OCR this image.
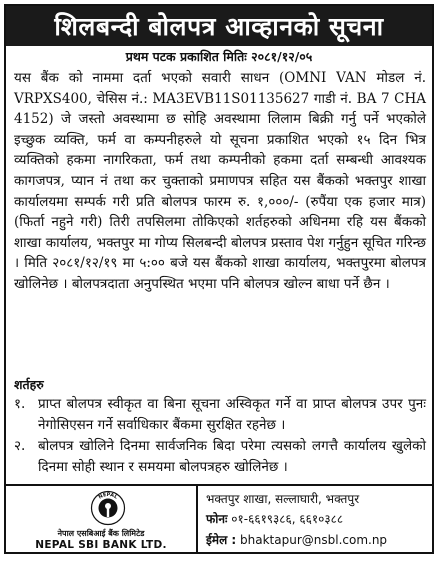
शिलबन्दी बोलपत्र आव्हानको सूचना
प्रथम पटक प्रकाशित मितिः २०८१/१२/०५

यस बैंक को नाममा दर्ता भएको सवारी साधन (OMNI VAN मोडल नं. VRPXS400, चेसिस नं.: MA3EVB11S01135627 गाडी नं. BA 7 CHA 4152) जे जस्तो अवस्थामा छ सोहि अवस्थामा लिलाम बिक्री गर्नु पर्ने भएकोले इच्छुक व्यक्ति, फर्म वा कम्पनीहरुले यो सूचना प्रकाशित भएको १५ दिन भित्र व्यक्तिको हकमा नागरिकता, फर्म तथा कम्पनीको हकमा दर्ता सम्बन्धी आवश्यक कागजपत्र, प्यान नं तथा कर चुक्ताको प्रमाणपत्र सहित यस बैंकको भक्तपुर शाखा कार्यालयमा सम्पर्क गरी प्रति बोलपत्र फारम रु. १,०००/- (रुपैंया एक हजार मात्र) (फिर्ता नहुने गरी) तिरी तपसिलमा तोकिएको शर्तहरुको अधिनमा रहि यस बैंकको शाखा कार्यालय, भक्तपुर मा गोप्य सिलबन्दी बोलपत्र प्रस्ताव पेश गर्नुहुन सूचित गरिन्छ । मिति २०८१/१२/१९ मा ५:०० बजे यस बैंकको शाखा कार्यालय, भक्तपुरमा बोलपत्र खोलिनेछ । बोलपत्रदाता अनुपस्थित भएमा पनि बोलपत्र खोल्न बाधा पर्ने छैन ।

शर्तहरु
१. प्राप्त बोलपत्र स्वीकृत वा बिना सूचना अस्विकृत गर्ने वा प्राप्त बोलपत्र उपर पुनः नेगोसिएसन गर्ने सर्वाधिकार बैंकमा सुरक्षित रहनेछ ।
२. बोलपत्र खोलिने दिनमा सार्वजनिक बिदा परेमा त्यसको लगत्तै कार्यालय खुलेको दिनमा सोही स्थान र समयमा बोलपत्रहरु खोलिनेछ ।
NEPAL
नेपाल एसबिआई बैंक लिमिटेड
NEPAL SBI BANK LTD.
भक्तपुर शाखा, सल्लाघारी, भक्तपुर
फोनः ०१-६६१९३८६, ६६१०३८८
ईमेल : bhaktapur@nsbl.com.np
